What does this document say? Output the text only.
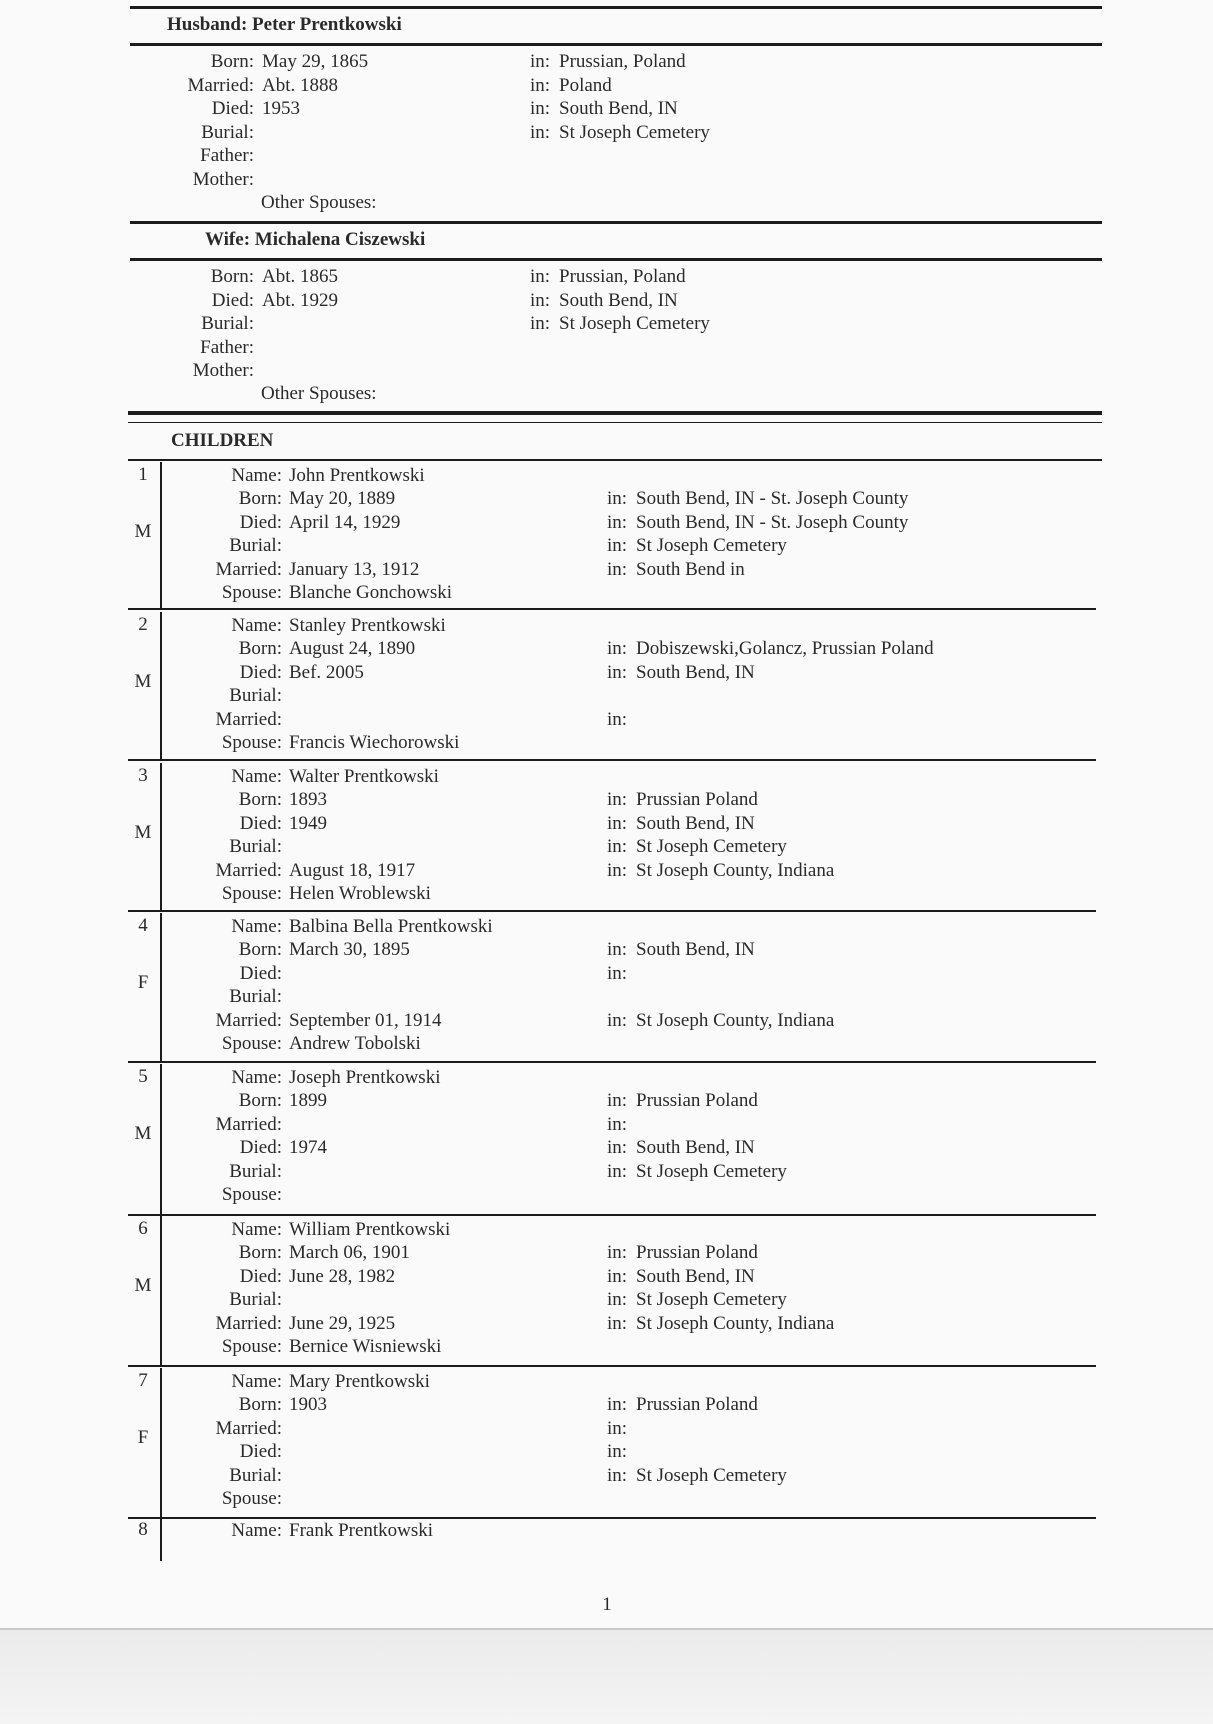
Husband: Peter Prentkowski
Born: May 29, 1865	in: Prussian, Poland
Married: Abt. 1888	in: Poland
Died: 1953	in: South Bend, IN
Burial:	in: St Joseph Cemetery
Father:
Mother:
Other Spouses:
Wife: Michalena Ciszewski
Born: Abt. 1865	in: Prussian, Poland
Died: Abt. 1929	in: South Bend, IN
Burial:	in: St Joseph Cemetery
Father:
Mother:
Other Spouses:
CHILDREN
1
M
Name: John Prentkowski
Born: May 20, 1889	in: South Bend, IN - St. Joseph County
Died: April 14, 1929	in: South Bend, IN - St. Joseph County
Burial:	in: St Joseph Cemetery
Married: January 13, 1912	in: South Bend in
Spouse: Blanche Gonchowski
2
M
Name: Stanley Prentkowski
Born: August 24, 1890	in: Dobiszewski,Golancz, Prussian Poland
Died: Bef. 2005	in: South Bend, IN
Burial:
Married:	in:
Spouse: Francis Wiechorowski
3
M
Name: Walter Prentkowski
Born: 1893	in: Prussian Poland
Died: 1949	in: South Bend, IN
Burial:	in: St Joseph Cemetery
Married: August 18, 1917	in: St Joseph County, Indiana
Spouse: Helen Wroblewski
4
F
Name: Balbina Bella Prentkowski
Born: March 30, 1895	in: South Bend, IN
Died:	in:
Burial:
Married: September 01, 1914	in: St Joseph County, Indiana
Spouse: Andrew Tobolski
5
M
Name: Joseph Prentkowski
Born: 1899	in: Prussian Poland
Married:	in:
Died: 1974	in: South Bend, IN
Burial:	in: St Joseph Cemetery
Spouse:
6
M
Name: William Prentkowski
Born: March 06, 1901	in: Prussian Poland
Died: June 28, 1982	in: South Bend, IN
Burial:	in: St Joseph Cemetery
Married: June 29, 1925	in: St Joseph County, Indiana
Spouse: Bernice Wisniewski
7
F
Name: Mary Prentkowski
Born: 1903	in: Prussian Poland
Married:	in:
Died:	in:
Burial:	in: St Joseph Cemetery
Spouse:
8	Name: Frank Prentkowski
1
